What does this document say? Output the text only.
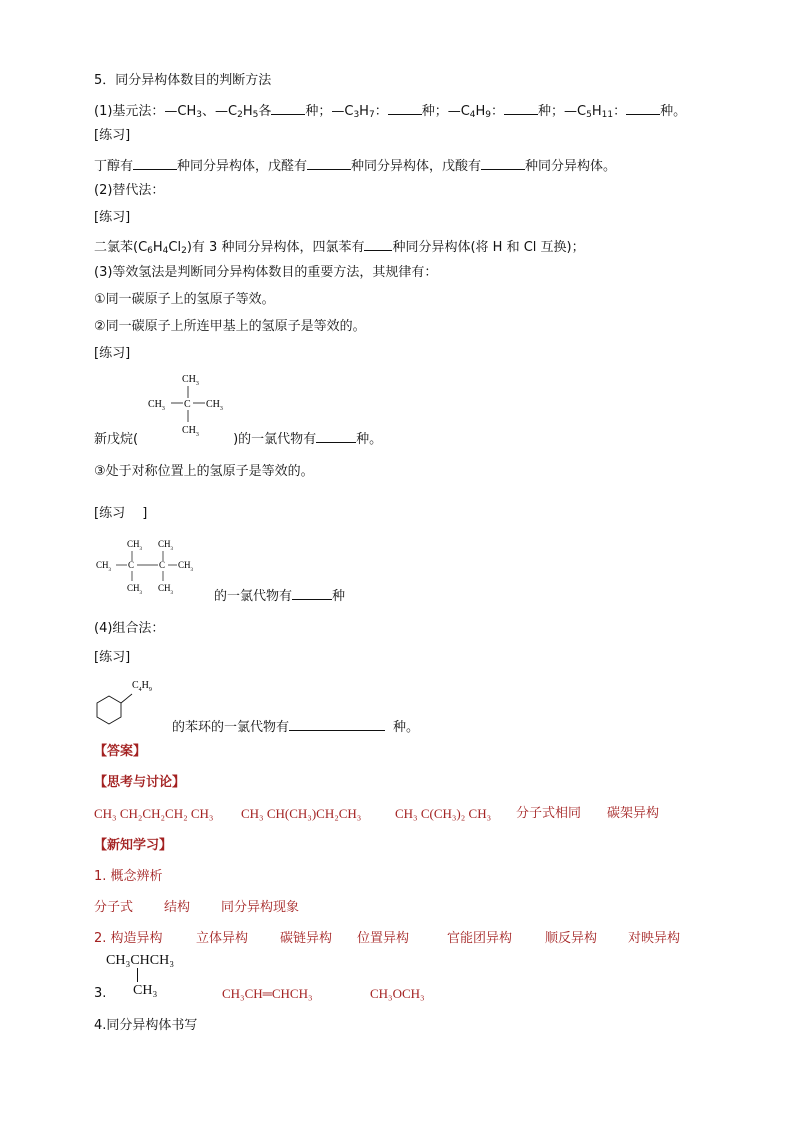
5．同分异构体数目的判断方法
(1)基元法：$—CH_3$、$—C_2H_5$各	种；$—C_3H_7$：	种；$—C_4H_9$：	种；$—C_5H_{11}$：	种。
[练习]
丁醇有	种同分异构体，戊醛有	种同分异构体，戊酸有	种同分异构体。
(2)替代法：
[练习]
二氯苯$(C_6H_4Cl_2)$有 3 种同分异构体，四氯苯有 种同分异构体(将 H 和 Cl 互换)；
(3)等效氢法是判断同分异构体数目的重要方法，其规律有：
①同一碳原子上的氢原子等效。
②同一碳原子上所连甲基上的氢原子是等效的。
[练习]
$CH_3$
$CH_3$ C $CH_3$
$CH_3$
新戊烷(	)的一氯代物有	种。
③处于对称位置上的氢原子是等效的。
[练习　 ]
$CH_3$
$CH_3$
$CH_3$
C	C $CH_3$
$CH_3$
$CH_3$	的一氯代物有	种
(4)组合法：
[练习]
$C_4H_9$
的苯环的一氯代物有	种。
【答案】
【思考与讨论】
CH₃ CH₂CH₂CH₂ CH₃ CH₃ CH(CH₃)CH₂CH₃	CH₃ C(CH₃)₂ CH₃ 分子式相同 碳架异构
【新知学习】
1. 概念辨析
分子式 结构 同分异构现象
2. 构造异构	立体异构 碳链异构 位置异构	官能团异构	顺反异构 对映异构
CH₃CHCH₃
3. CH₃	CH₃CH═CHCH₃	CH₃OCH₃
4.同分异构体书写
